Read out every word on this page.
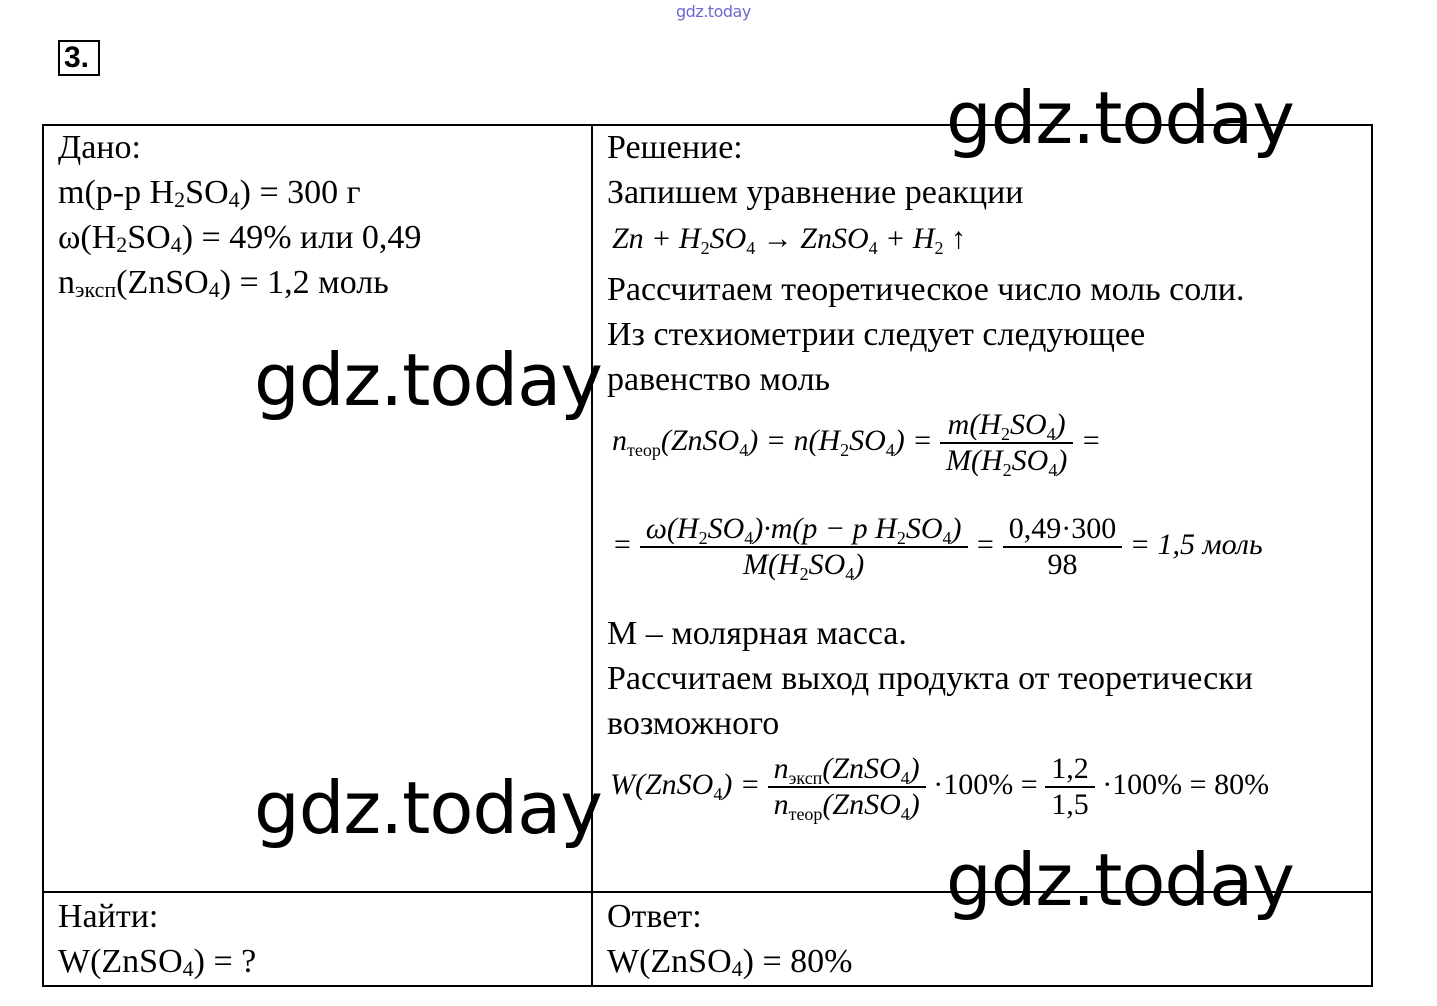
gdz.today
3.
Дано:
m(р-р $H_2SO_4) = 300$ г
$\omega(H_2SO_4) = 49\%$ или 0,49
$n_{эксп}(ZnSO_4) = 1,2$ моль
Найти:
W(ZnSO$_4$) = ?
Решение:
Запишем уравнение реакции
$Zn + H_2SO_4$ → ZnSO$_4$ + $H_2$ ↑
Рассчитаем теоретическое число моль соли.
Из стехиометрии следует следующее
равенство моль
$n_{теор}(ZnSO_4) = n(H_2SO_4) = \frac{m(H_2SO_4)}{M(H_2SO_4)}$ =
= $\frac{\omega(H_2SO_4)\cdot m(p - p H_2SO_4)}{M(H_2SO_4)} = \frac{0,49\cdot 300}{98} = 1,5$ моль
M – молярная масса.
Рассчитаем выход продукта от теоретически
возможного
W(ZnSO$_4$) = $\frac{n_{эксп}(ZnSO_4)}{n_{теор}(ZnSO_4)} \cdot 100\% = \frac{1,2}{1,5} \cdot 100\% = 80\%$
Ответ:
W(ZnSO$_4$) = 80%
gdz.today
gdz.today
gdz.today
gdz.today
